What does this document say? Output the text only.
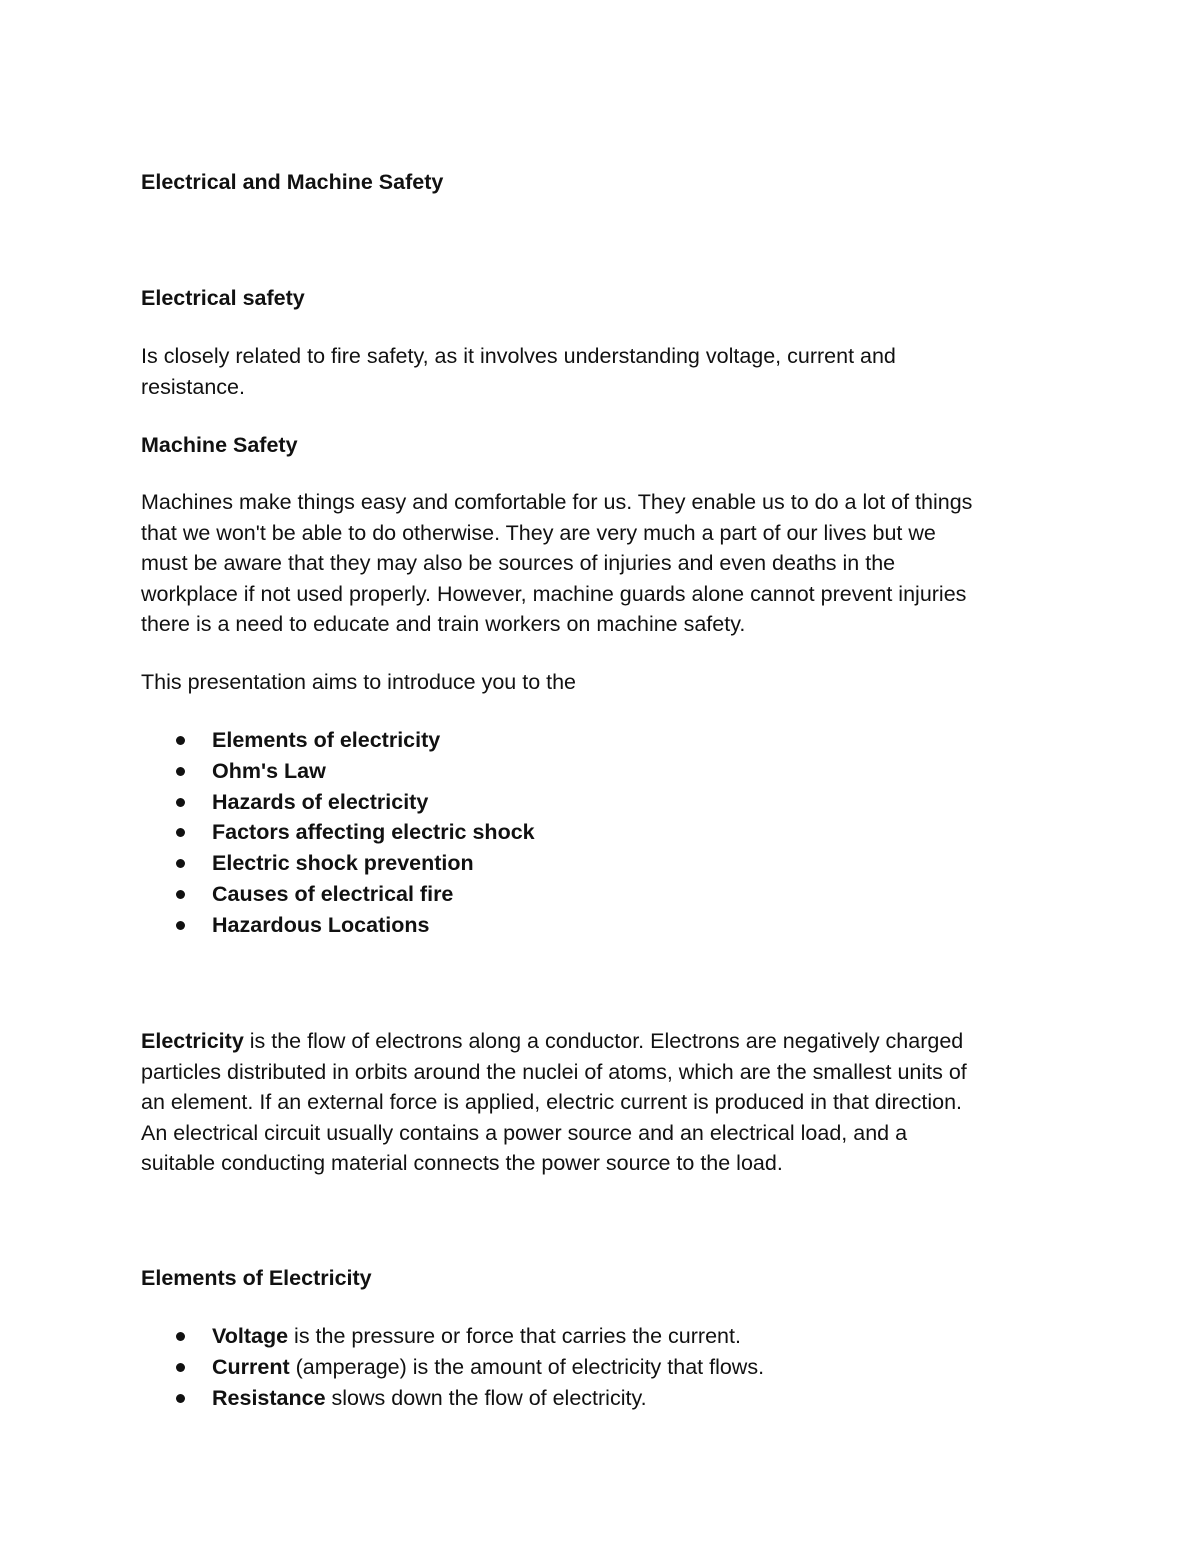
Electrical and Machine Safety
Electrical safety
Is closely related to fire safety, as it involves understanding voltage, current and
resistance.
Machine Safety
Machines make things easy and comfortable for us. They enable us to do a lot of things
that we won't be able to do otherwise. They are very much a part of our lives but we
must be aware that they may also be sources of injuries and even deaths in the
workplace if not used properly. However, machine guards alone cannot prevent injuries
there is a need to educate and train workers on machine safety.
This presentation aims to introduce you to the
Elements of electricity
Ohm's Law
Hazards of electricity
Factors affecting electric shock
Electric shock prevention
Causes of electrical fire
Hazardous Locations
Electricity is the flow of electrons along a conductor. Electrons are negatively charged
particles distributed in orbits around the nuclei of atoms, which are the smallest units of
an element. If an external force is applied, electric current is produced in that direction.
An electrical circuit usually contains a power source and an electrical load, and a
suitable conducting material connects the power source to the load.
Elements of Electricity
Voltage is the pressure or force that carries the current.
Current (amperage) is the amount of electricity that flows.
Resistance slows down the flow of electricity.
